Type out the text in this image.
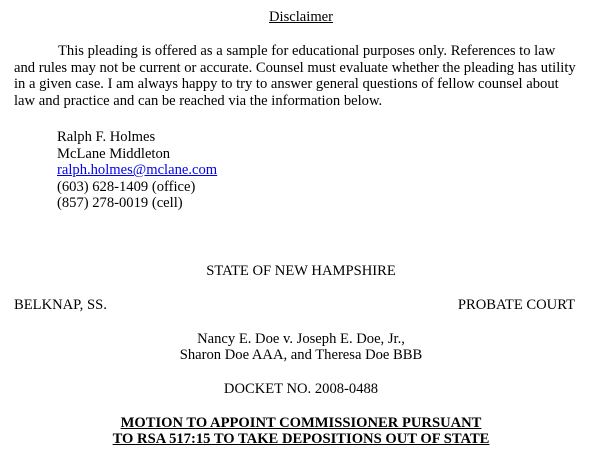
Disclaimer
This pleading is offered as a sample for educational purposes only. References to law
and rules may not be current or accurate. Counsel must evaluate whether the pleading has utility
in a given case. I am always happy to try to answer general questions of fellow counsel about
law and practice and can be reached via the information below.
Ralph F. Holmes
McLane Middleton
ralph.holmes@mclane.com
(603) 628-1409 (office)
(857) 278-0019 (cell)
STATE OF NEW HAMPSHIRE
BELKNAP, SS.	PROBATE COURT
Nancy E. Doe v. Joseph E. Doe, Jr.,
Sharon Doe AAA, and Theresa Doe BBB
DOCKET NO. 2008-0488
MOTION TO APPOINT COMMISSIONER PURSUANT
TO RSA 517:15 TO TAKE DEPOSITIONS OUT OF STATE
